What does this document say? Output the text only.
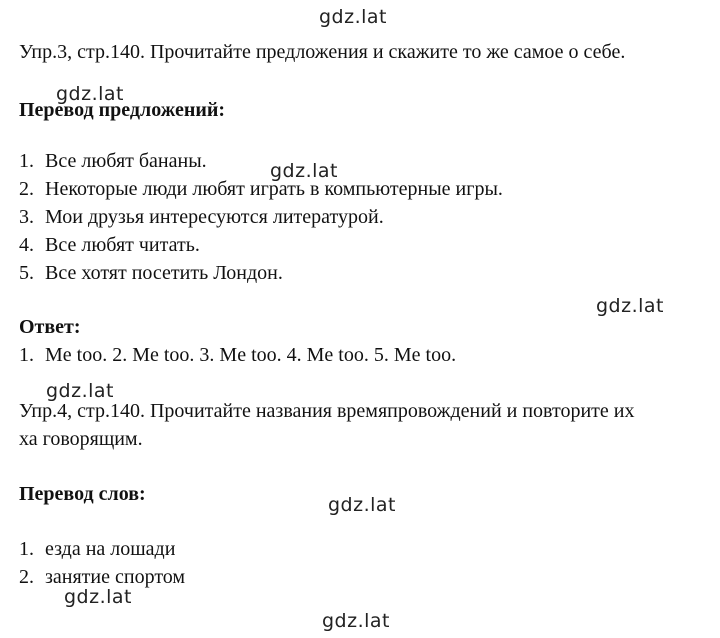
gdz.lat
gdz.lat
gdz.lat
gdz.lat
gdz.lat
gdz.lat
gdz.lat
gdz.lat
Упр.3, стр.140. Прочитайте предложения и скажите то же самое о себе.
Перевод предложений:
1. Все любят бананы.
2. Некоторые люди любят играть в компьютерные игры.
3. Мои друзья интересуются литературой.
4. Все любят читать.
5. Все хотят посетить Лондон.
Ответ:
1. Me too. 2. Me too. 3. Me too. 4. Me too. 5. Me too.
Упр.4, стр.140. Прочитайте названия времяпровождений и повторите их
ха говорящим.
Перевод слов:
1. езда на лошади
2. занятие спортом
